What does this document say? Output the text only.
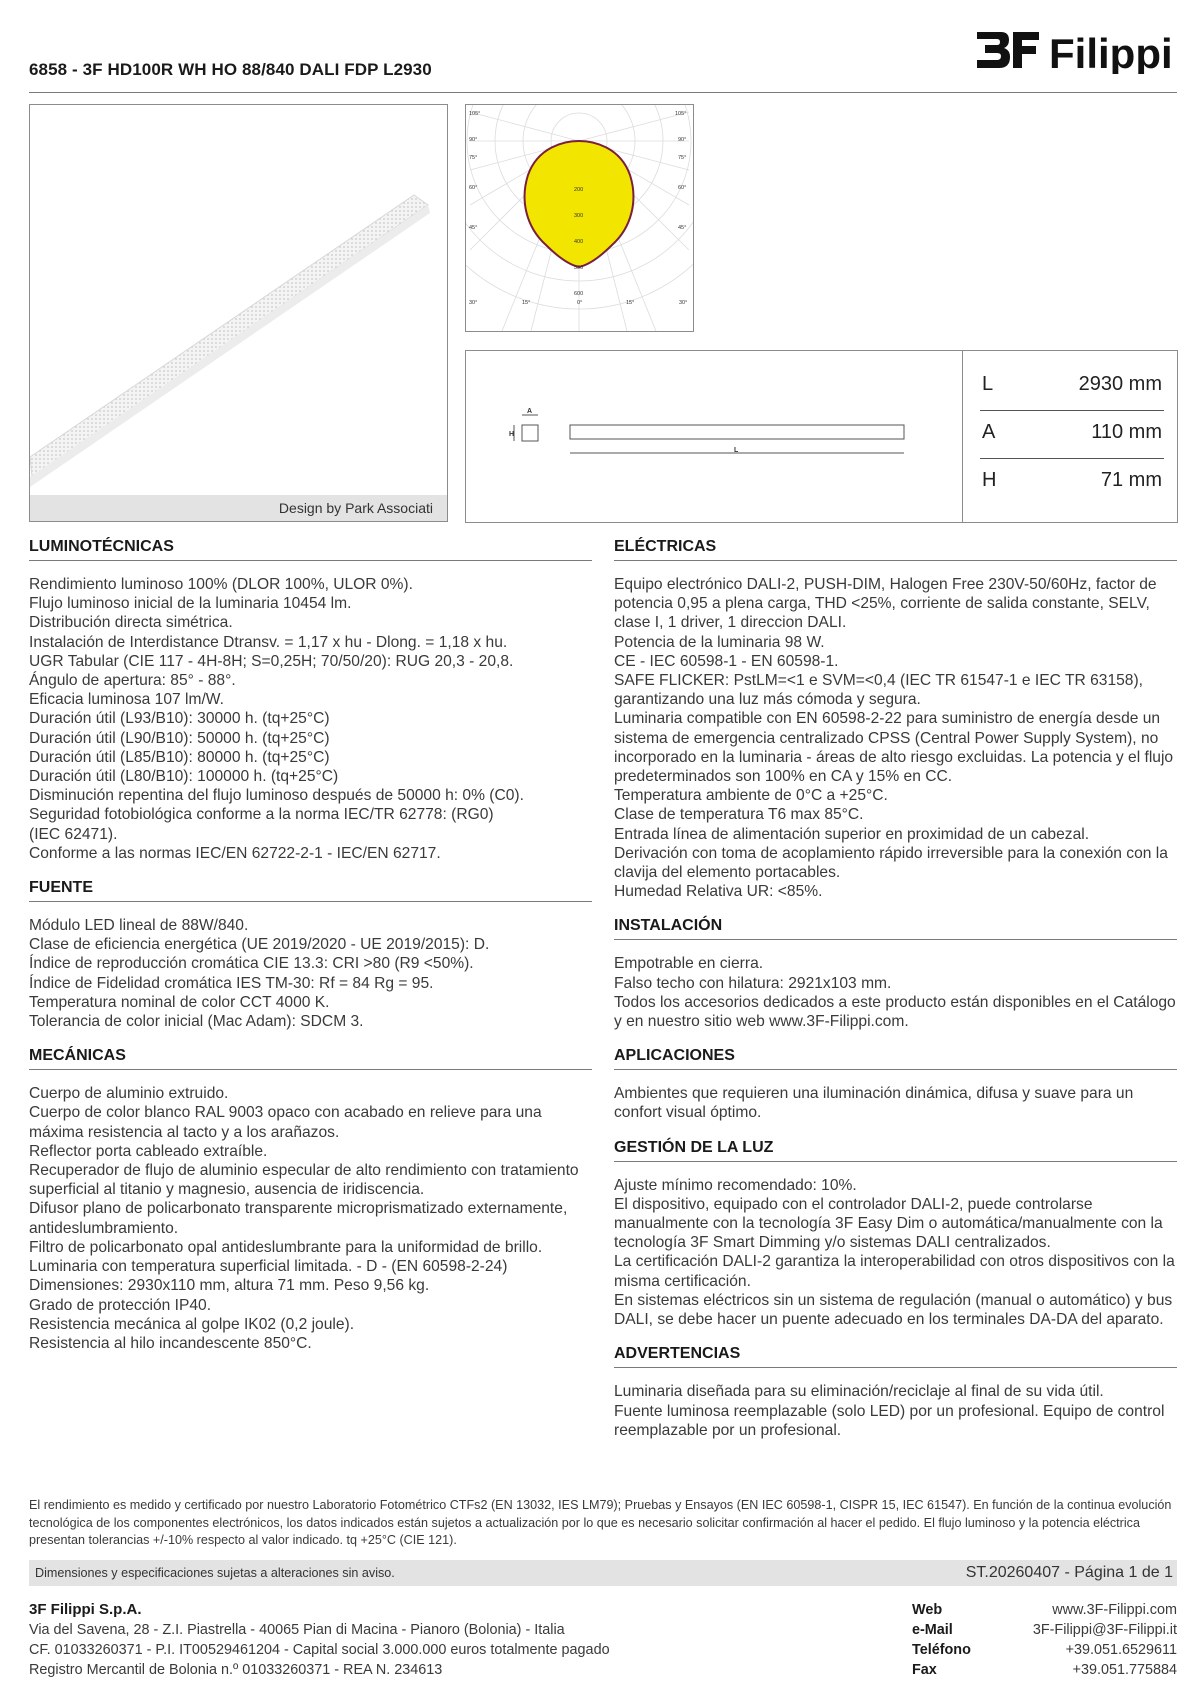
Filippi
6858 - 3F HD100R WH HO 88/840 DALI FDP L2930
Design by Park Associati
105°	105°
90°	90°
75°	75°
60°	60°
45°	45°
30°	15°	0°	15°	30°
200
300
400
500
600
A
H
L
L	2930 mm
A	110 mm
H	71 mm
LUMINOTÉCNICAS
Rendimiento luminoso 100% (DLOR 100%, ULOR 0%).
Flujo luminoso inicial de la luminaria 10454 lm.
Distribución directa simétrica.
Instalación de Interdistance Dtransv. = 1,17 x hu - Dlong. = 1,18 x hu.
UGR Tabular (CIE 117 - 4H-8H; S=0,25H; 70/50/20): RUG 20,3 - 20,8.
Ángulo de apertura: 85° - 88°.
Eficacia luminosa 107 lm/W.
Duración útil (L93/B10): 30000 h. (tq+25°C)
Duración útil (L90/B10): 50000 h. (tq+25°C)
Duración útil (L85/B10): 80000 h. (tq+25°C)
Duración útil (L80/B10): 100000 h. (tq+25°C)
Disminución repentina del flujo luminoso después de 50000 h: 0% (C0).
Seguridad fotobiológica conforme a la norma IEC/TR 62778: (RG0)
(IEC 62471).
Conforme a las normas IEC/EN 62722-2-1 - IEC/EN 62717.
FUENTE
Módulo LED lineal de 88W/840.
Clase de eficiencia energética (UE 2019/2020 - UE 2019/2015): D.
Índice de reproducción cromática CIE 13.3: CRI >80 (R9 <50%).
Índice de Fidelidad cromática IES TM-30: Rf = 84 Rg = 95.
Temperatura nominal de color CCT 4000 K.
Tolerancia de color inicial (Mac Adam): SDCM 3.
MECÁNICAS
Cuerpo de aluminio extruido.
Cuerpo de color blanco RAL 9003 opaco con acabado en relieve para una máxima resistencia al tacto y a los arañazos.
Reflector porta cableado extraíble.
Recuperador de flujo de aluminio especular de alto rendimiento con tratamiento superficial al titanio y magnesio, ausencia de iridiscencia.
Difusor plano de policarbonato transparente microprismatizado externamente, antideslumbramiento.
Filtro de policarbonato opal antideslumbrante para la uniformidad de brillo.
Luminaria con temperatura superficial limitada. - D - (EN 60598-2-24)
Dimensiones: 2930x110 mm, altura 71 mm. Peso 9,56 kg.
Grado de protección IP40.
Resistencia mecánica al golpe IK02 (0,2 joule).
Resistencia al hilo incandescente 850°C.
ELÉCTRICAS
Equipo electrónico DALI-2, PUSH-DIM, Halogen Free 230V-50/60Hz, factor de potencia 0,95 a plena carga, THD <25%, corriente de salida constante, SELV, clase I, 1 driver, 1 direccion DALI.
Potencia de la luminaria 98 W.
CE - IEC 60598-1 - EN 60598-1.
SAFE FLICKER: PstLM=<1 e SVM=<0,4 (IEC TR 61547-1 e IEC TR 63158), garantizando una luz más cómoda y segura.
Luminaria compatible con EN 60598-2-22 para suministro de energía desde un sistema de emergencia centralizado CPSS (Central Power Supply System), no incorporado en la luminaria - áreas de alto riesgo excluidas. La potencia y el flujo predeterminados son 100% en CA y 15% en CC.
Temperatura ambiente de 0°C a +25°C.
Clase de temperatura T6 max 85°C.
Entrada línea de alimentación superior en proximidad de un cabezal.
Derivación con toma de acoplamiento rápido irreversible para la conexión con la clavija del elemento portacables.
Humedad Relativa UR: <85%.
INSTALACIÓN
Empotrable en cierra.
Falso techo con hilatura: 2921x103 mm.
Todos los accesorios dedicados a este producto están disponibles en el Catálogo y en nuestro sitio web www.3F-Filippi.com.
APLICACIONES
Ambientes que requieren una iluminación dinámica, difusa y suave para un confort visual óptimo.
GESTIÓN DE LA LUZ
Ajuste mínimo recomendado: 10%.
El dispositivo, equipado con el controlador DALI-2, puede controlarse manualmente con la tecnología 3F Easy Dim o automática/manualmente con la tecnología 3F Smart Dimming y/o sistemas DALI centralizados.
La certificación DALI-2 garantiza la interoperabilidad con otros dispositivos con la misma certificación.
En sistemas eléctricos sin un sistema de regulación (manual o automático) y bus DALI, se debe hacer un puente adecuado en los terminales DA-DA del aparato.
ADVERTENCIAS
Luminaria diseñada para su eliminación/reciclaje al final de su vida útil.
Fuente luminosa reemplazable (solo LED) por un profesional. Equipo de control reemplazable por un profesional.
El rendimiento es medido y certificado por nuestro Laboratorio Fotométrico CTFs2 (EN 13032, IES LM79); Pruebas y Ensayos (EN IEC 60598-1, CISPR 15, IEC 61547). En función de la continua evolución tecnológica de los componentes electrónicos, los datos indicados están sujetos a actualización por lo que es necesario solicitar confirmación al hacer el pedido. El flujo luminoso y la potencia eléctrica presentan tolerancias +/-10% respecto al valor indicado. tq +25°C (CIE 121).
Dimensiones y especificaciones sujetas a alteraciones sin aviso.	ST.20260407 - Página 1 de 1
3F Filippi S.p.A.
Via del Savena, 28 - Z.I. Piastrella - 40065 Pian di Macina - Pianoro (Bolonia) - Italia
CF. 01033260371 - P.I. IT00529461204 - Capital social 3.000.000 euros totalmente pagado
Registro Mercantil de Bolonia n.º 01033260371 - REA N. 234613
Web	www.3F-Filippi.com
e-Mail	3F-Filippi@3F-Filippi.it
Teléfono	+39.051.6529611
Fax	+39.051.775884
